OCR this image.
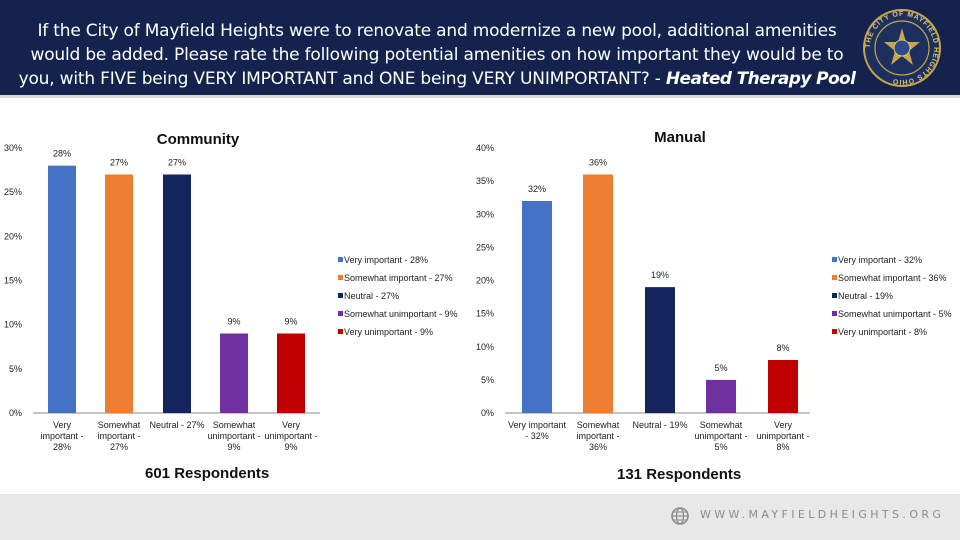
If the City of Mayfield Heights were to renovate and modernize a new pool, additional amenities would be added. Please rate the following potential amenities on how important they would be to you, with FIVE being VERY IMPORTANT and ONE being VERY UNIMPORTANT? - Heated Therapy Pool
THE CITY OF MAYFIELD HEIGHTS OHIO
Community
0%
5%
10%
15%
20%
25%
30%
28%
Very important -28%
27%
Somewhat important -27%
27%
Neutral - 27%
9%
Somewhat unimportant -9%
9%
Very unimportant -9%
Very important - 28%
Somewhat important - 27%
Neutral - 27%
Somewhat unimportant - 9%
Very unimportant - 9%
Manual
0%
5%
10%
15%
20%
25%
30%
35%
40%
32%
Very important - 32%
36%
Somewhat important -36%
19%
Neutral - 19%
5%
Somewhat unimportant -5%
8%
Very unimportant -8%
Very important - 32%
Somewhat important - 36%
Neutral - 19%
Somewhat unimportant - 5%
Very unimportant - 8%
601 Respondents	131 Respondents
WWW.MAYFIELDHEIGHTS.ORG
